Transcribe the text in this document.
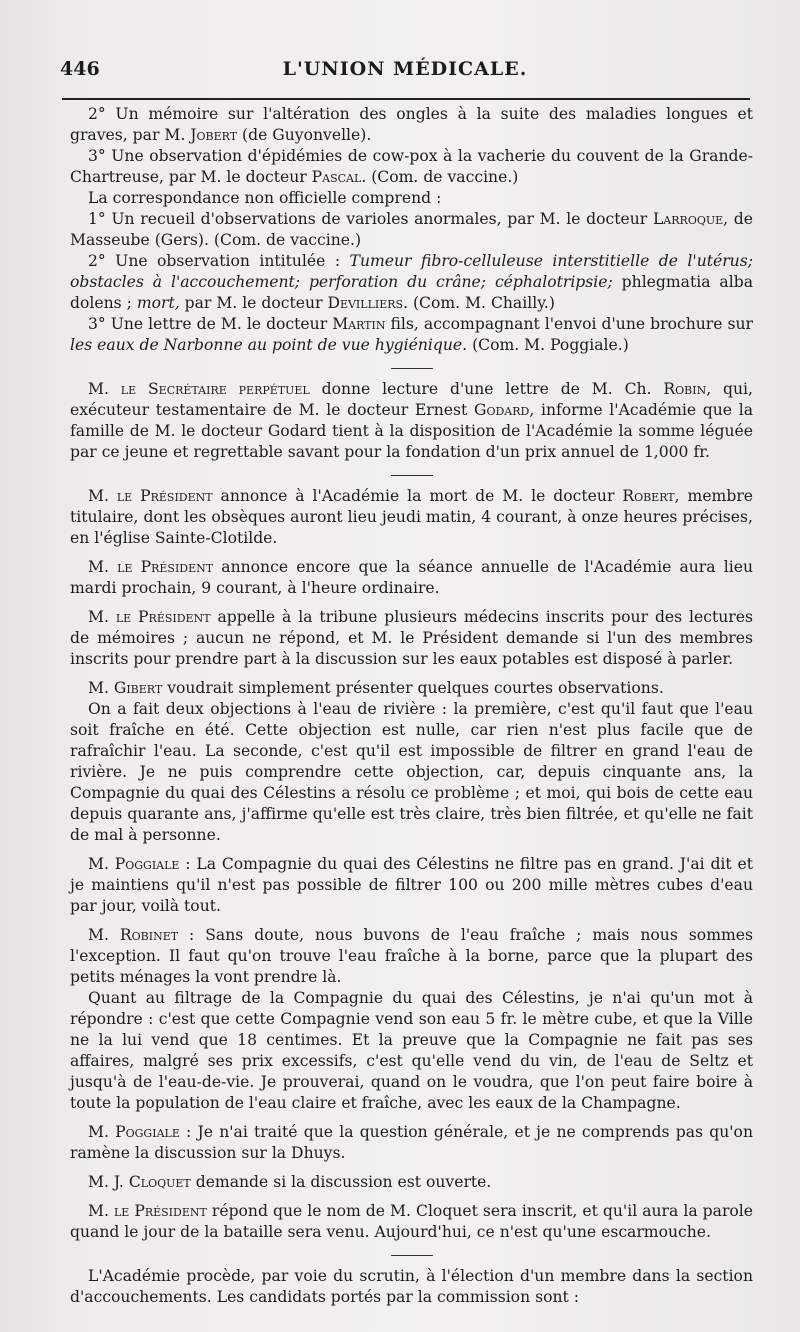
446	L'UNION MÉDICALE.

2° Un mémoire sur l'altération des ongles à la suite des maladies longues et graves, par M. Jobert (de Guyonvelle).

3° Une observation d'épidémies de cow-pox à la vacherie du couvent de la Grande-Chartreuse, par M. le docteur Pascal. (Com. de vaccine.)

La correspondance non officielle comprend :

1° Un recueil d'observations de varioles anormales, par M. le docteur Larroque, de Masseube (Gers). (Com. de vaccine.)

2° Une observation intitulée : Tumeur fibro-celluleuse interstitielle de l'utérus; obstacles à l'accouchement; perforation du crâne; céphalotripsie; phlegmatia alba dolens ; mort, par M. le docteur Devilliers. (Com. M. Chailly.)

3° Une lettre de M. le docteur Martin fils, accompagnant l'envoi d'une brochure sur les eaux de Narbonne au point de vue hygiénique. (Com. M. Poggiale.)

M. le Secrétaire perpétuel donne lecture d'une lettre de M. Ch. Robin, qui, exécuteur testamentaire de M. le docteur Ernest Godard, informe l'Académie que la famille de M. le docteur Godard tient à la disposition de l'Académie la somme léguée par ce jeune et regrettable savant pour la fondation d'un prix annuel de 1,000 fr.

M. le Président annonce à l'Académie la mort de M. le docteur Robert, membre titulaire, dont les obsèques auront lieu jeudi matin, 4 courant, à onze heures précises, en l'église Sainte-Clotilde.

M. le Président annonce encore que la séance annuelle de l'Académie aura lieu mardi prochain, 9 courant, à l'heure ordinaire.

M. le Président appelle à la tribune plusieurs médecins inscrits pour des lectures de mémoires ; aucun ne répond, et M. le Président demande si l'un des membres inscrits pour prendre part à la discussion sur les eaux potables est disposé à parler.

M. Gibert voudrait simplement présenter quelques courtes observations.

On a fait deux objections à l'eau de rivière : la première, c'est qu'il faut que l'eau soit fraîche en été. Cette objection est nulle, car rien n'est plus facile que de rafraîchir l'eau. La seconde, c'est qu'il est impossible de filtrer en grand l'eau de rivière. Je ne puis comprendre cette objection, car, depuis cinquante ans, la Compagnie du quai des Célestins a résolu ce problème ; et moi, qui bois de cette eau depuis quarante ans, j'affirme qu'elle est très claire, très bien filtrée, et qu'elle ne fait de mal à personne.

M. Poggiale : La Compagnie du quai des Célestins ne filtre pas en grand. J'ai dit et je maintiens qu'il n'est pas possible de filtrer 100 ou 200 mille mètres cubes d'eau par jour, voilà tout.

M. Robinet : Sans doute, nous buvons de l'eau fraîche ; mais nous sommes l'exception. Il faut qu'on trouve l'eau fraîche à la borne, parce que la plupart des petits ménages la vont prendre là.

Quant au filtrage de la Compagnie du quai des Célestins, je n'ai qu'un mot à répondre : c'est que cette Compagnie vend son eau 5 fr. le mètre cube, et que la Ville ne la lui vend que 18 centimes. Et la preuve que la Compagnie ne fait pas ses affaires, malgré ses prix excessifs, c'est qu'elle vend du vin, de l'eau de Seltz et jusqu'à de l'eau-de-vie. Je prouverai, quand on le voudra, que l'on peut faire boire à toute la population de l'eau claire et fraîche, avec les eaux de la Champagne.

M. Poggiale : Je n'ai traité que la question générale, et je ne comprends pas qu'on ramène la discussion sur la Dhuys.

M. J. Cloquet demande si la discussion est ouverte.

M. le Président répond que le nom de M. Cloquet sera inscrit, et qu'il aura la parole quand le jour de la bataille sera venu. Aujourd'hui, ce n'est qu'une escarmouche.

L'Académie procède, par voie du scrutin, à l'élection d'un membre dans la section d'accouchements. Les candidats portés par la commission sont :
